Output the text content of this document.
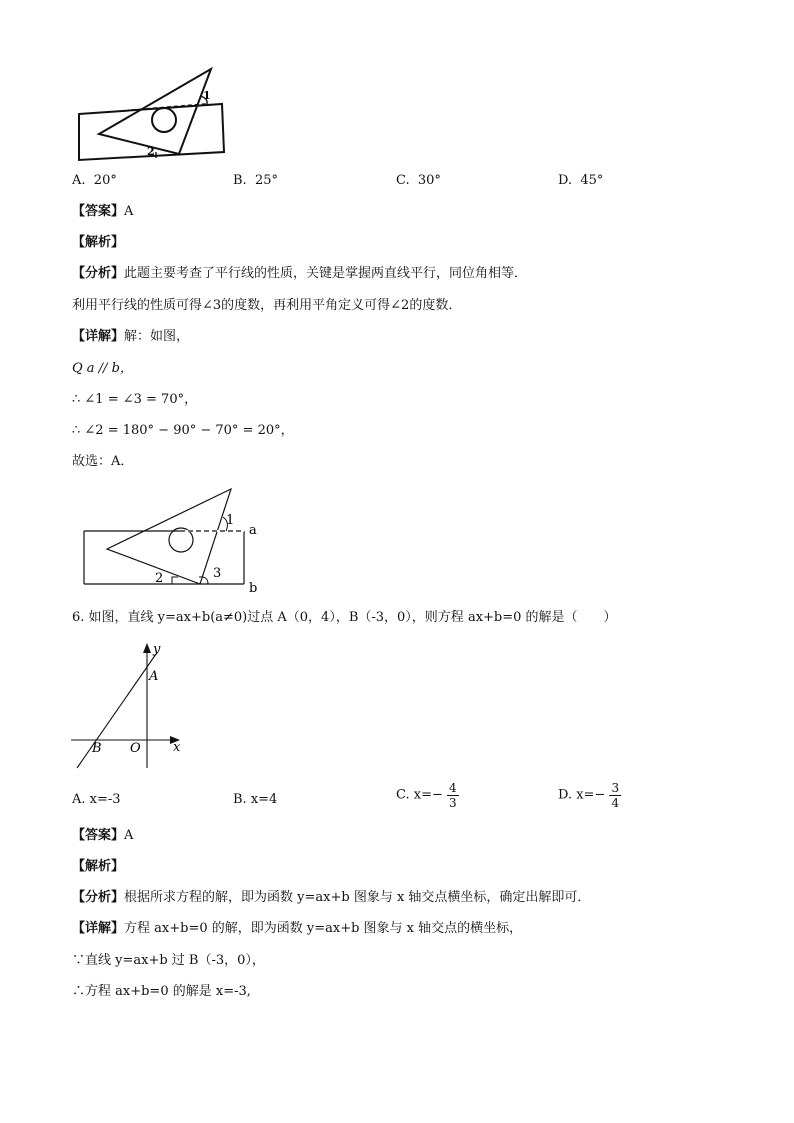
1
2
A. 20°	B. 25°	C. 30°	D. 45°
【答案】A
【解析】
【分析】此题主要考查了平行线的性质，关键是掌握两直线平行，同位角相等．
利用平行线的性质可得∠3的度数，再利用平角定义可得∠2的度数．
【详解】解：如图，
Q a // b，
∴ ∠1 = ∠3 = 70°，
∴ ∠2 = 180° − 90° − 70° = 20°，
故选：A．
1
2	3
a
b
6. 如图，直线 y=ax+b(a≠0)过点 A（0，4），B（-3，0），则方程 ax+b=0 的解是（　　）
y
A
B O x
A. x=-3	B. x=4	C. $x=- \frac{4}{3}$	D. $x=- \frac{3}{4}$
【答案】A
【解析】
【分析】根据所求方程的解，即为函数 y=ax+b 图象与 x 轴交点横坐标，确定出解即可．
【详解】方程 ax+b=0 的解，即为函数 y=ax+b 图象与 x 轴交点的横坐标，
∵直线 y=ax+b 过 B（-3，0），
∴方程 ax+b=0 的解是 x=-3,
